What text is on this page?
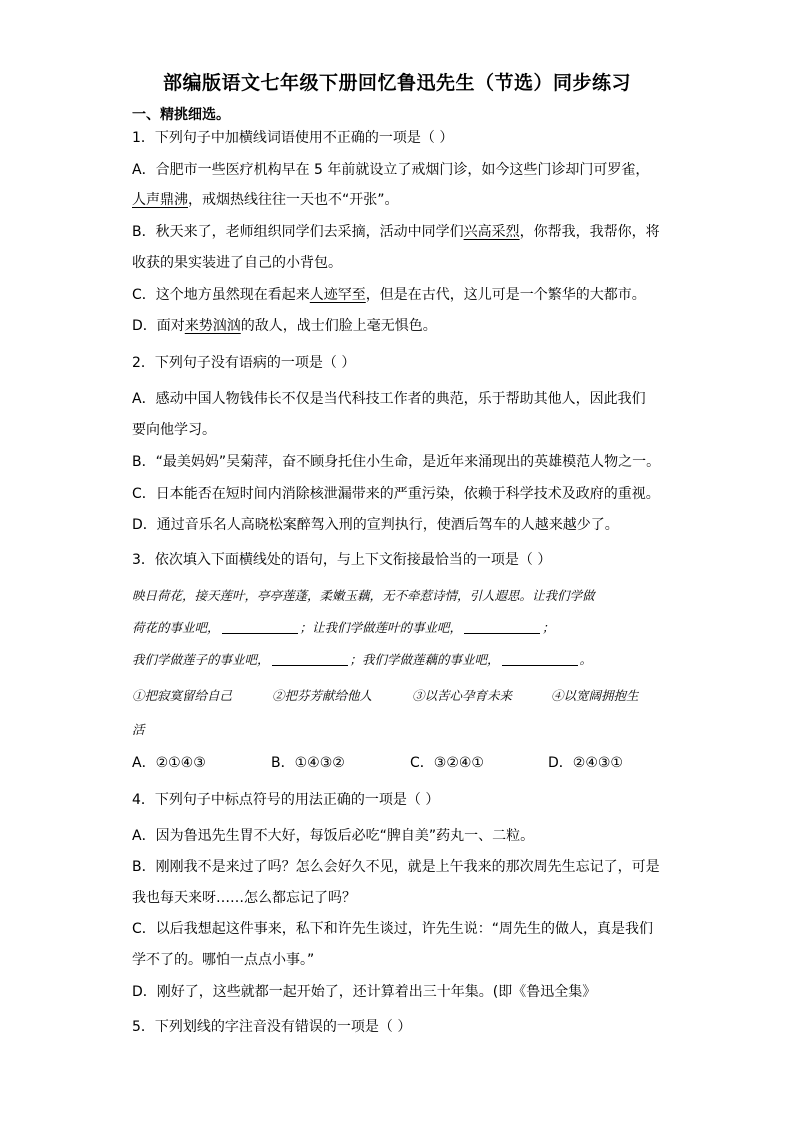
部编版语文七年级下册回忆鲁迅先生（节选）同步练习
一、精挑细选。
1．下列句子中加横线词语使用不正确的一项是（ ）
A．合肥市一些医疗机构早在 5 年前就设立了戒烟门诊，如今这些门诊却门可罗雀，
人声鼎沸，戒烟热线往往一天也不“开张”。
B．秋天来了，老师组织同学们去采摘，活动中同学们兴高采烈，你帮我，我帮你，将
收获的果实装进了自己的小背包。
C．这个地方虽然现在看起来人迹罕至，但是在古代，这儿可是一个繁华的大都市。
D．面对来势汹汹的敌人，战士们脸上毫无惧色。
2．下列句子没有语病的一项是（ ）
A．感动中国人物钱伟长不仅是当代科技工作者的典范，乐于帮助其他人，因此我们
要向他学习。
B．“最美妈妈”吴菊萍，奋不顾身托住小生命，是近年来涌现出的英雄模范人物之一。
C．日本能否在短时间内消除核泄漏带来的严重污染，依赖于科学技术及政府的重视。
D．通过音乐名人高晓松案醉驾入刑的宣判执行，使酒后驾车的人越来越少了。
3．依次填入下面横线处的语句，与上下文衔接最恰当的一项是（ ）
映日荷花，接天莲叶，亭亭莲蓬，柔嫩玉藕，无不牵惹诗情，引人遐思。让我们学做
荷花的事业吧，	；让我们学做莲叶的事业吧，	；
我们学做莲子的事业吧，	；我们学做莲藕的事业吧，	。
①把寂寞留给自己	②把芬芳献给他人	③以苦心孕育未来	④以宽阔拥抱生
活
A．②①④③	B．①④③②	C．③②④①	D．②④③①
4．下列句子中标点符号的用法正确的一项是（ ）
A．因为鲁迅先生胃不大好，每饭后必吃“脾自美”药丸一、二粒。
B．刚刚我不是来过了吗？怎么会好久不见，就是上午我来的那次周先生忘记了，可是
我也每天来呀……怎么都忘记了吗？
C．以后我想起这件事来，私下和许先生谈过，许先生说：“周先生的做人，真是我们
学不了的。哪怕一点点小事。”
D．刚好了，这些就都一起开始了，还计算着出三十年集。(即《鲁迅全集》
5．下列划线的字注音没有错误的一项是（ ）
